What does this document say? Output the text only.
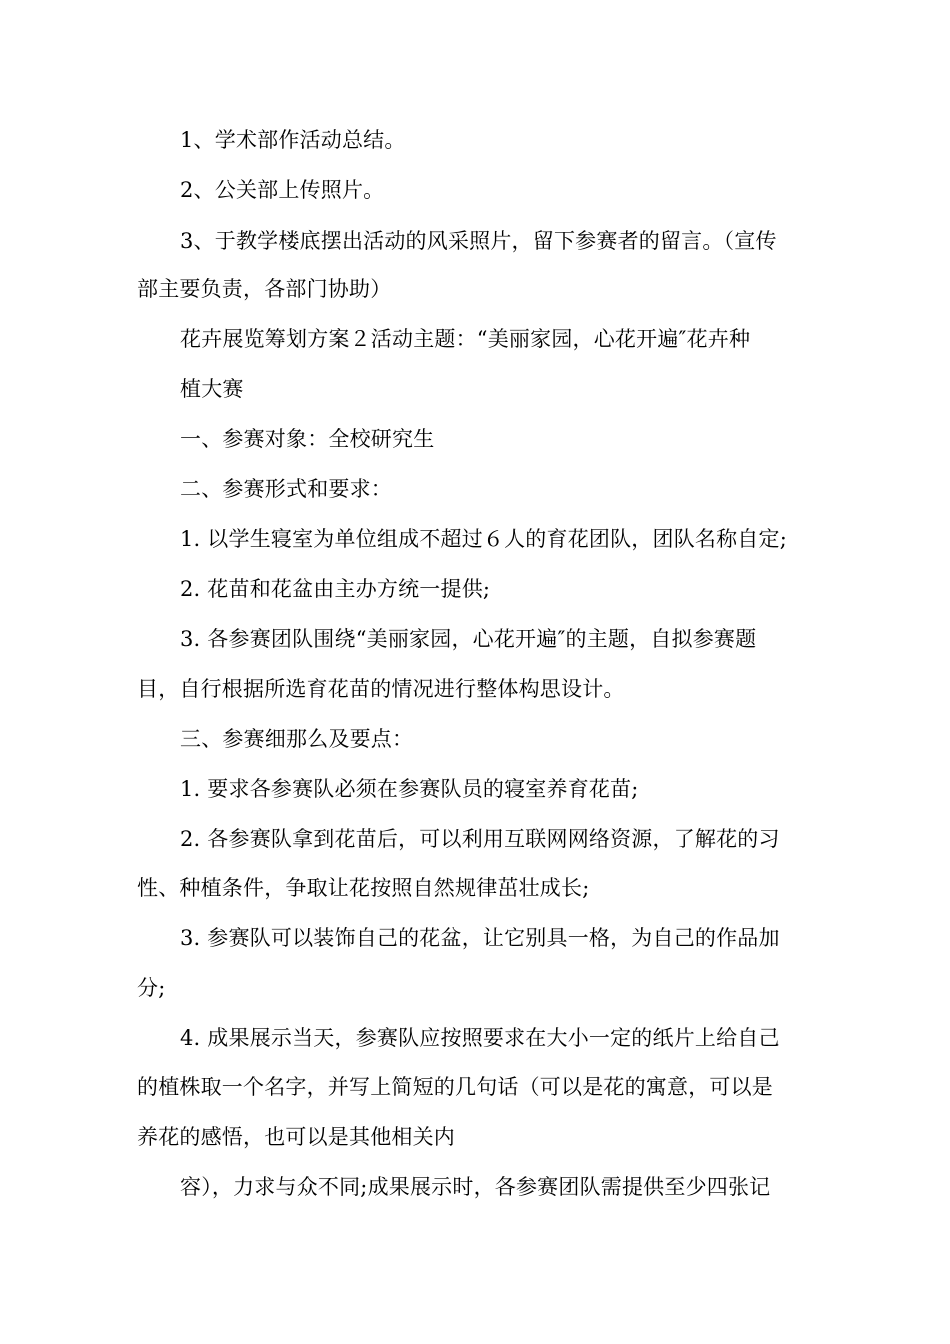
1、学术部作活动总结。
2、公关部上传照片。
3、于教学楼底摆出活动的风采照片，留下参赛者的留言。（宣传
部主要负责，各部门协助）
花卉展览筹划方案２活动主题：“美丽家园，心花开遍″花卉种
植大赛
一、参赛对象：全校研究生
二、参赛形式和要求：
1. 以学生寝室为单位组成不超过６人的育花团队，团队名称自定;
2. 花苗和花盆由主办方统一提供;
3. 各参赛团队围绕“美丽家园，心花开遍″的主题，自拟参赛题
目，自行根据所选育花苗的情况进行整体构思设计。
三、参赛细那么及要点：
1. 要求各参赛队必须在参赛队员的寝室养育花苗;
2. 各参赛队拿到花苗后，可以利用互联网网络资源，了解花的习
性、种植条件，争取让花按照自然规律茁壮成长;
3. 参赛队可以装饰自己的花盆，让它别具一格，为自己的作品加
分;
4. 成果展示当天，参赛队应按照要求在大小一定的纸片上给自己
的植株取一个名字，并写上简短的几句话（可以是花的寓意，可以是
养花的感悟，也可以是其他相关内
容），力求与众不同;成果展示时，各参赛团队需提供至少四张记
